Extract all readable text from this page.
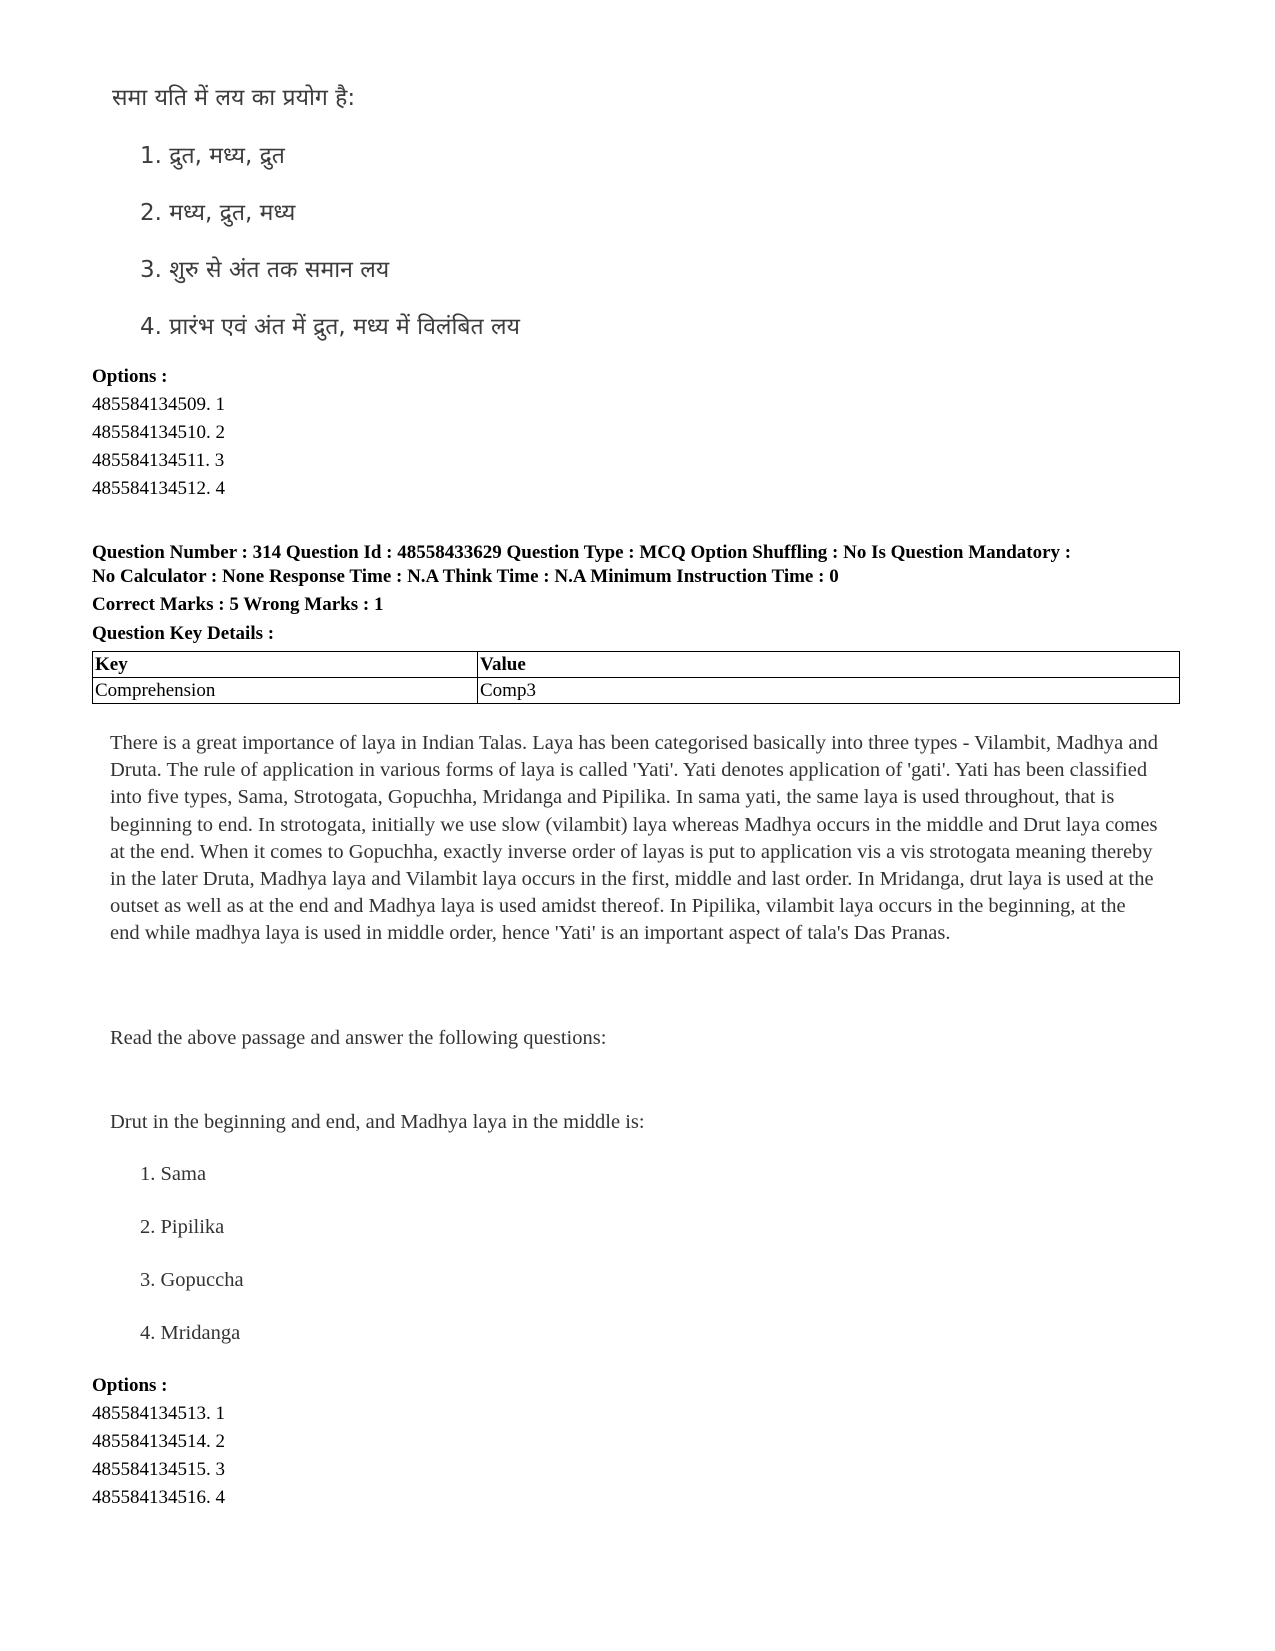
समा यति में लय का प्रयोग है:
1. द्रुत, मध्य, द्रुत
2. मध्य, द्रुत, मध्य
3. शुरु से अंत तक समान लय
4. प्रारंभ एवं अंत में द्रुत, मध्य में विलंबित लय
Options :
485584134509. 1
485584134510. 2
485584134511. 3
485584134512. 4
Question Number : 314 Question Id : 48558433629 Question Type : MCQ Option Shuffling : No Is Question Mandatory :
No Calculator : None Response Time : N.A Think Time : N.A Minimum Instruction Time : 0
Correct Marks : 5 Wrong Marks : 1
Question Key Details :
Key	Value
Comprehension	Comp3
There is a great importance of laya in Indian Talas. Laya has been categorised basically into three types - Vilambit, Madhya and Druta. The rule of application in various forms of laya is called 'Yati'. Yati denotes application of 'gati'. Yati has been classified into five types, Sama, Strotogata, Gopuchha, Mridanga and Pipilika. In sama yati, the same laya is used throughout, that is beginning to end. In strotogata, initially we use slow (vilambit) laya whereas Madhya occurs in the middle and Drut laya comes at the end. When it comes to Gopuchha, exactly inverse order of layas is put to application vis a vis strotogata meaning thereby in the later Druta, Madhya laya and Vilambit laya occurs in the first, middle and last order. In Mridanga, drut laya is used at the outset as well as at the end and Madhya laya is used amidst thereof. In Pipilika, vilambit laya occurs in the beginning, at the end while madhya laya is used in middle order, hence 'Yati' is an important aspect of tala's Das Pranas.
Read the above passage and answer the following questions:
Drut in the beginning and end, and Madhya laya in the middle is:
1. Sama
2. Pipilika
3. Gopuccha
4. Mridanga
Options :
485584134513. 1
485584134514. 2
485584134515. 3
485584134516. 4
